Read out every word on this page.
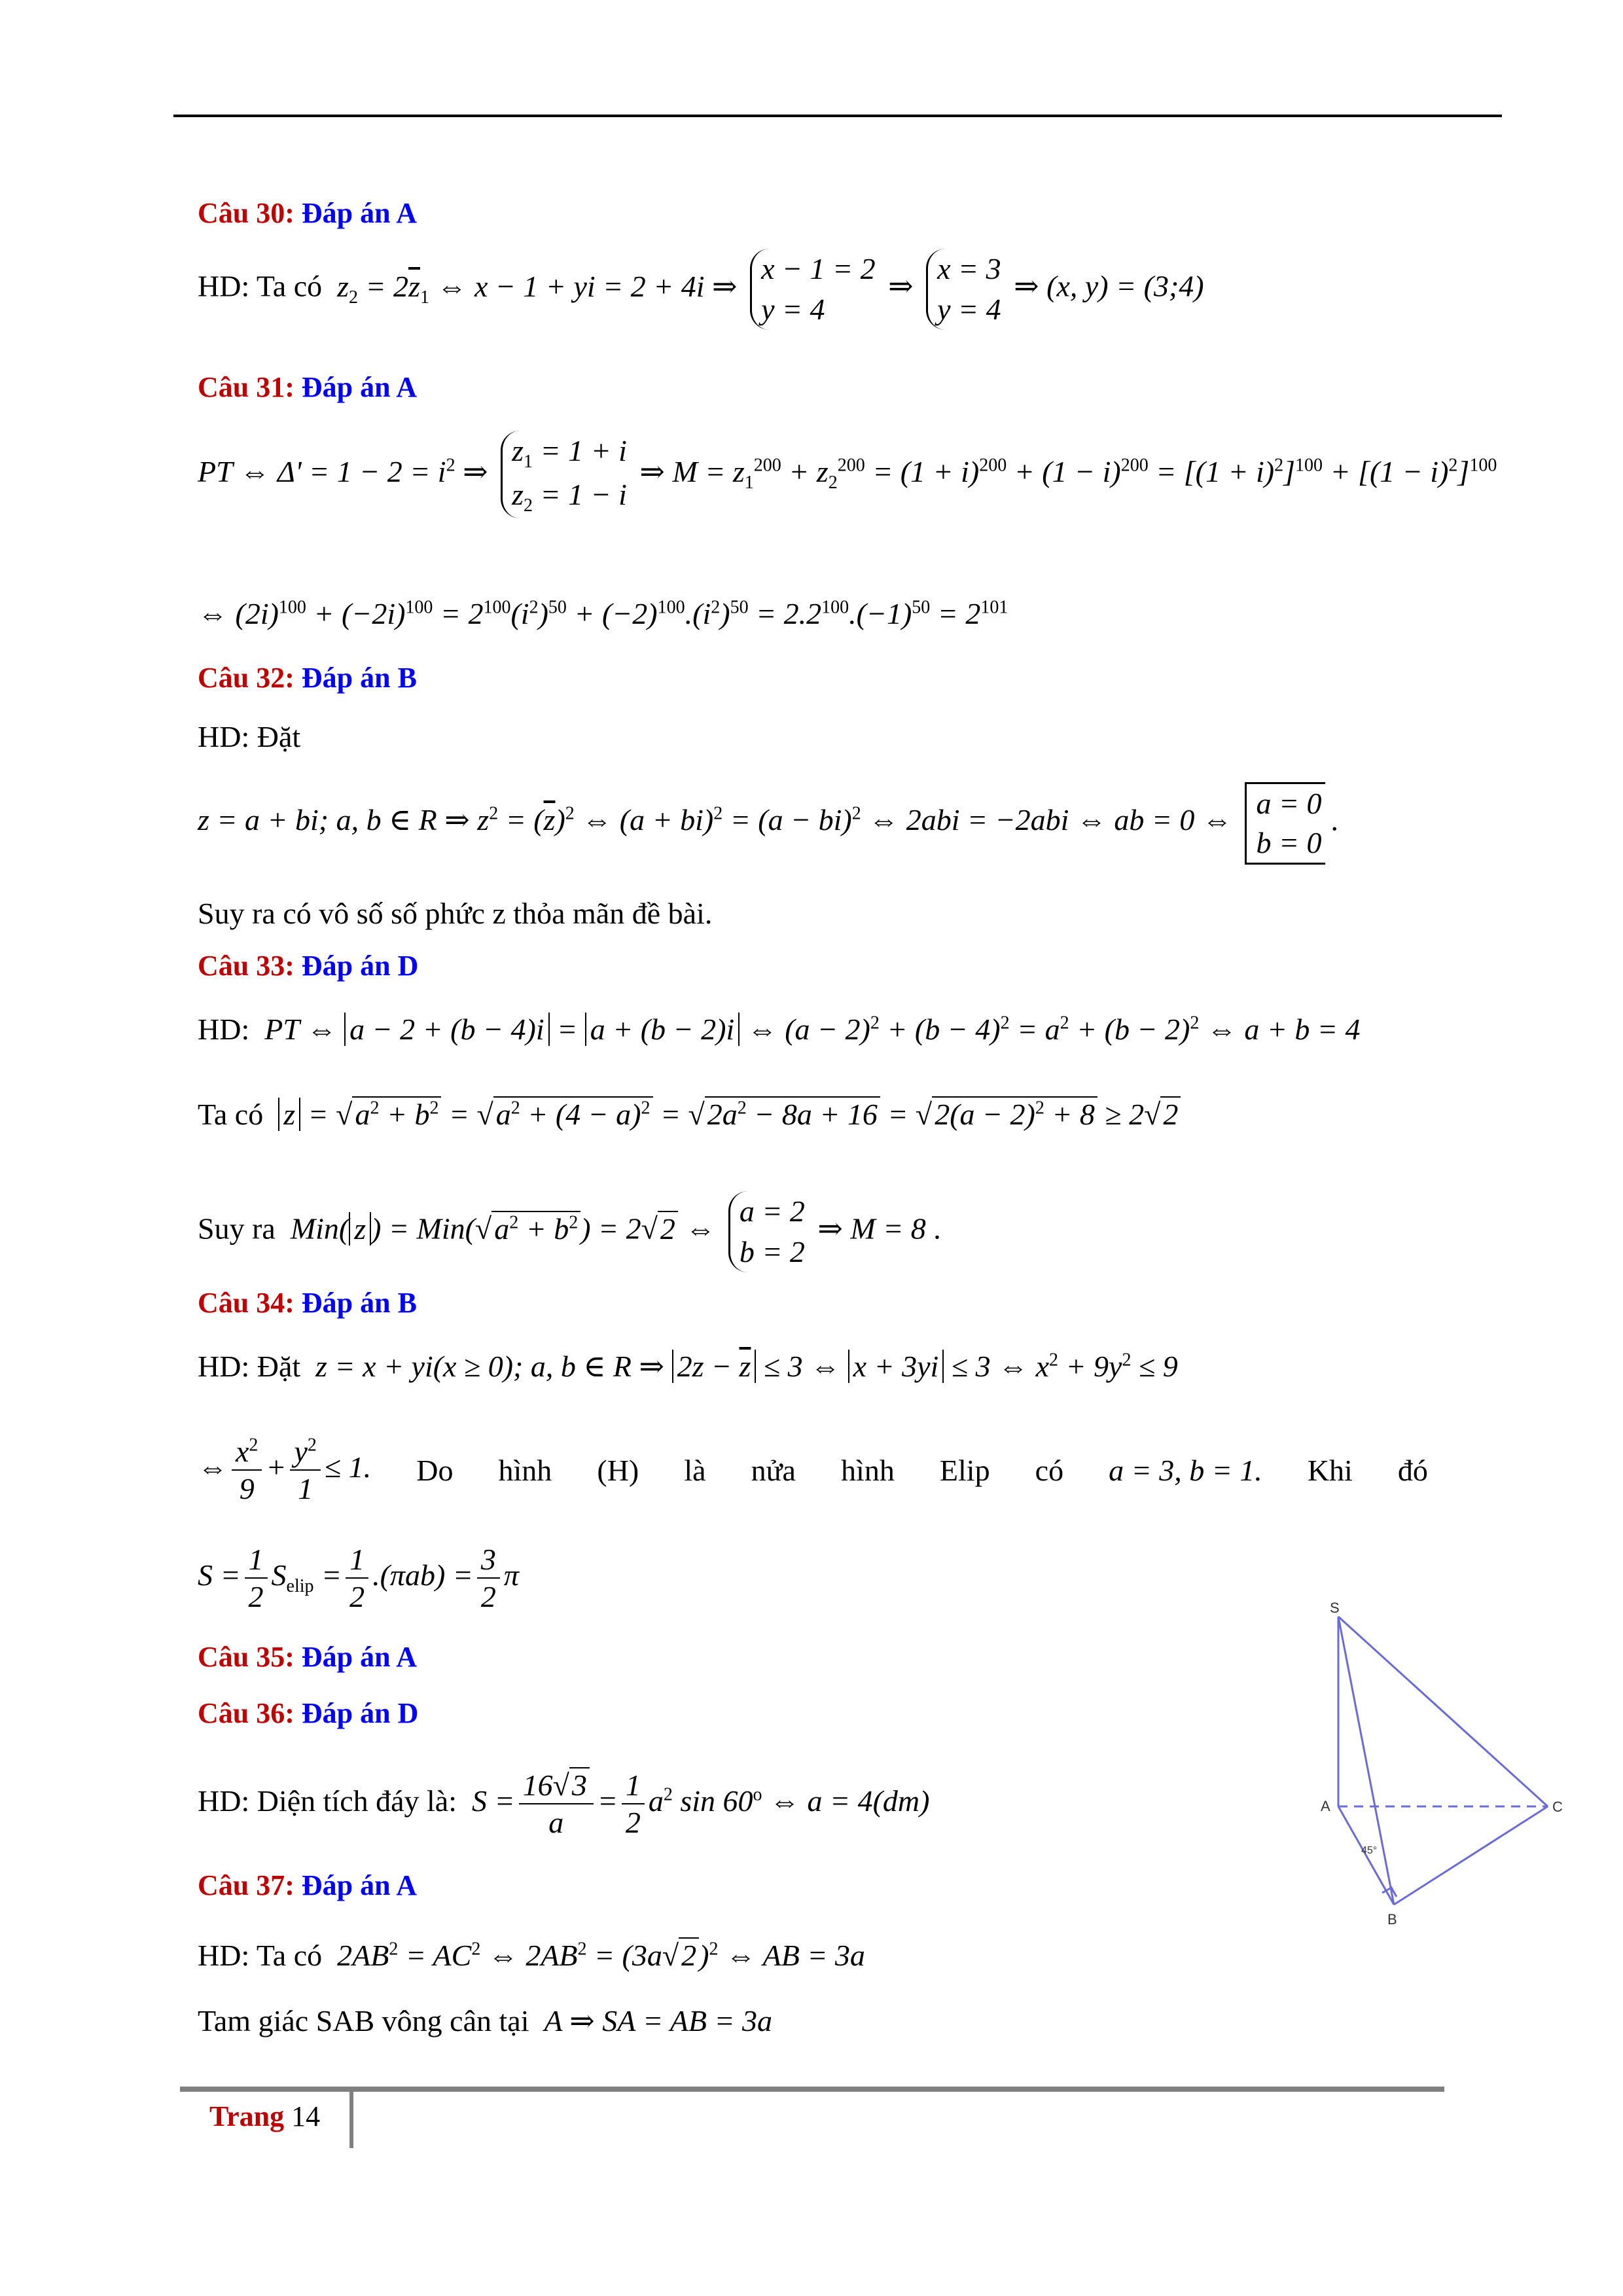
Câu 30: Đáp án A
HD: Ta có  $z_2 = 2\overline{z}_1$ ⇔ x − 1 + yi = 2 + 4i ⇒
x − 1 = 2
y = 4
⇒
x = 3
y = 4
⇒ (x, y) = (3;4)
Câu 31: Đáp án A
PT ⇔ $\Delta' = 1 - 2 = i^2$ ⇒
$z_1 = 1 + i$
$z_2 = 1 - i$
⇒ $M = z_1^{200} + z_2^{200} = (1 + i)^{200} + (1 - i)^{200} = [(1 + i)^2]^{100} + [(1 - i)^2]^{100}$
⇔ $(2i)^{100} + (-2i)^{100} = 2^{100}(i^2)^{50} + (-2)^{100}.(i^2)^{50} = 2.2^{100}.(-1)^{50} = 2^{101}$
Câu 32: Đáp án B
HD: Đặt
z = a + bi; a, b ∈ R ⇒ $z^2 = (\overline{z})^2$ ⇔ (a + bi)$^2$ = (a − bi)$^2$ ⇔ 2abi = −2abi ⇔ ab = 0 ⇔ a = 0
b = 0
.
Suy ra có vô số số phức z thỏa mãn đề bài.
Câu 33: Đáp án D
HD:  PT ⇔ a − 2 + (b − 4)i = a + (b − 2)i ⇔ $(a - 2)^2 + (b - 4)^2 = a^2 + (b - 2)^2$ ⇔ a + b = 4
Ta có $z = √a^2 + b^2 = √a^2 + (4 - a)^2 = √2a^2 - 8a + 16 = √2(a - 2)^2 + 8 \ge 2√2$
Suy ra  Min( z ) = $Min(√a^2 + b^2) = 2√2$ ⇔
a = 2
b = 2
⇒ M = 8 .
Câu 34: Đáp án B
HD: Đặt  z = x + yi(x ≥ 0); a, b ∈ R ⇒ $2z - \overline{z} \le 3$ ⇔ x + 3yi ≤ 3 ⇔ $x^2 + 9y^2 \le 9$
⇔ $\frac{x^2}{9} + \frac{y^2}{1} \le 1$. Do hình (H) là nửa hình Elip có a = 3, b = 1. Khi đó
$S = \frac{1}{2} S_{elip} = \frac{1}{2} .(\pi ab) = \frac{3}{2}$ π
Câu 35: Đáp án A
Câu 36: Đáp án D
HD: Diện tích đáy là:  $S = \frac{16√3}{a} = \frac{1}{2} a^2$ sin 60$^o$ ⇔ a = 4(dm)
Câu 37: Đáp án A
HD: Ta có  $2AB^2 = AC^2$ ⇔ $2AB^2 = (3a√2)^2$ ⇔ AB = 3a
Tam giác SAB vông cân tại  A ⇒ SA = AB = 3a
S
A
B
C
45°
Trang 14
